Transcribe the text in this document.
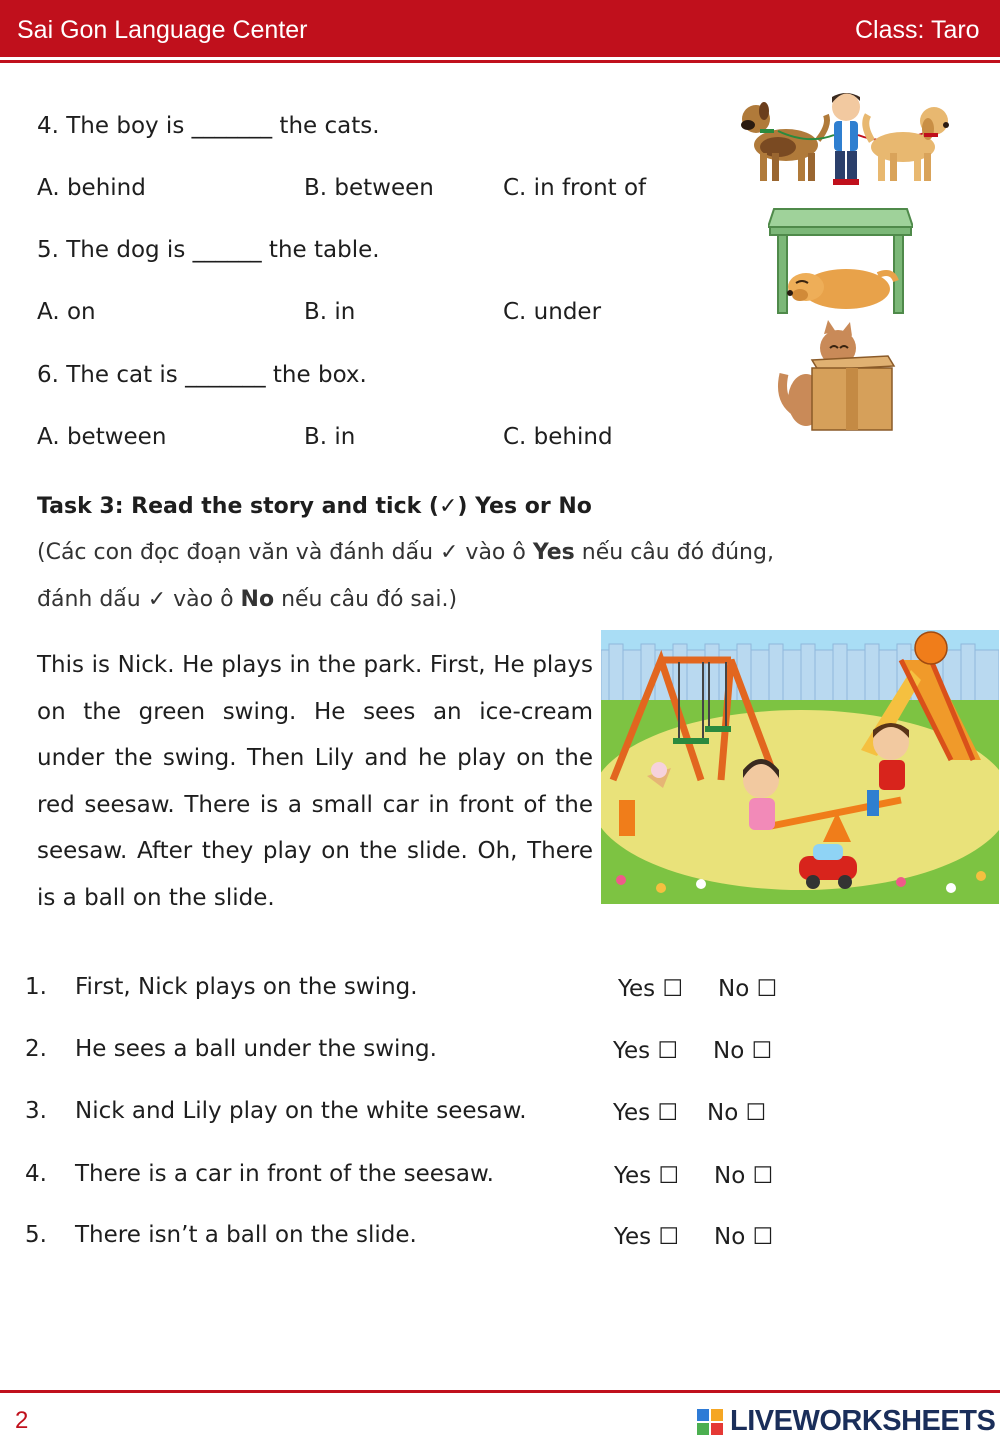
Sai Gon Language Center	Class: Taro
4. The boy is _______ the cats.
A. behind	B. between	C. in front of
5. The dog is ______ the table.
A. on	B. in	C. under
6. The cat is _______ the box.
A. between	B. in	C. behind
Task 3: Read the story and tick (✓) Yes or No
(Các con đọc đoạn văn và đánh dấu ✓ vào ô Yes nếu câu đó đúng,
đánh dấu ✓ vào ô No nếu câu đó sai.)
This is Nick. He plays in the park. First, He plays on the green swing. He sees an ice-cream under the swing. Then Lily and he play on the red seesaw. There is a small car in front of the seesaw. After they play on the slide. Oh, There is a ball on the slide.
1. First, Nick plays on the swing.	Yes ☐ No ☐
2. He sees a ball under the swing.	Yes ☐ No ☐
3. Nick and Lily play on the white seesaw.	Yes ☐ No ☐
4. There is a car in front of the seesaw.	Yes ☐ No ☐
5. There isn’t a ball on the slide.	Yes ☐ No ☐
2	LIVEWORKSHEETS
